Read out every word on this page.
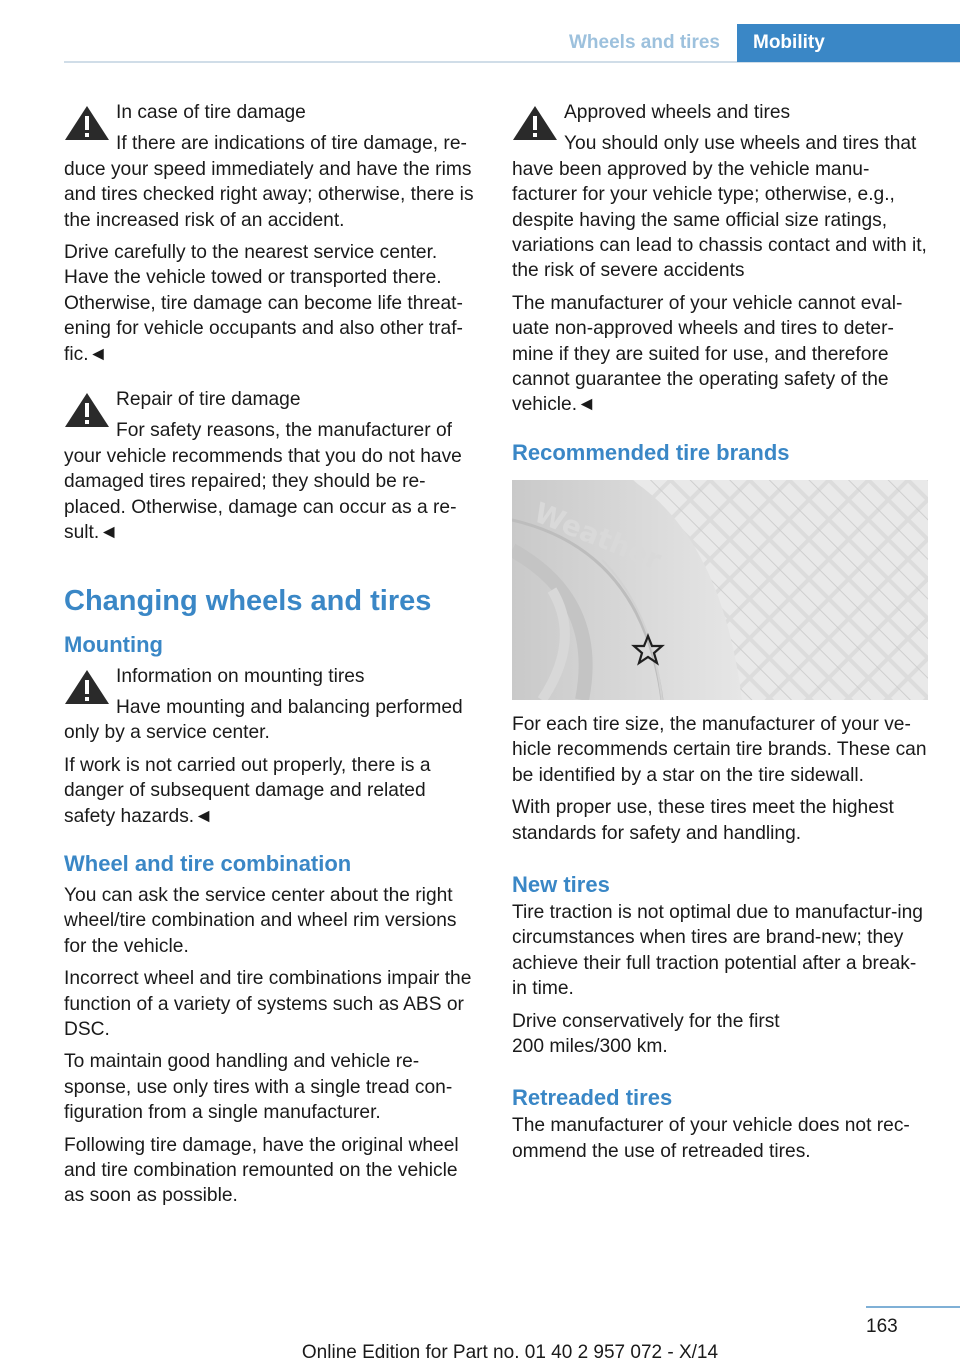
Wheels and tires	Mobility

In case of tire damage

If there are indications of tire damage, re-duce your speed immediately and have the rims and tires checked right away; otherwise, there is the increased risk of an accident.

Drive carefully to the nearest service center. Have the vehicle towed or transported there. Otherwise, tire damage can become life threat-ening for vehicle occupants and also other traf-fic.◄

Repair of tire damage

For safety reasons, the manufacturer of your vehicle recommends that you do not have damaged tires repaired; they should be re-placed. Otherwise, damage can occur as a re-sult.◄

Changing wheels and tires
Mounting

Information on mounting tires

Have mounting and balancing performed only by a service center.

If work is not carried out properly, there is a danger of subsequent damage and related safety hazards.◄

Wheel and tire combination

You can ask the service center about the right wheel/tire combination and wheel rim versions for the vehicle.

Incorrect wheel and tire combinations impair the function of a variety of systems such as ABS or DSC.

To maintain good handling and vehicle re-sponse, use only tires with a single tread con-figuration from a single manufacturer.

Following tire damage, have the original wheel and tire combination remounted on the vehicle as soon as possible.

Approved wheels and tires

You should only use wheels and tires that have been approved by the vehicle manu-facturer for your vehicle type; otherwise, e.g., despite having the same official size ratings, variations can lead to chassis contact and with it, the risk of severe accidents

The manufacturer of your vehicle cannot eval-uate non-approved wheels and tires to deter-mine if they are suited for use, and therefore cannot guarantee the operating safety of the vehicle.◄

Recommended tire brands
Weather

For each tire size, the manufacturer of your ve-hicle recommends certain tire brands. These can be identified by a star on the tire sidewall.

With proper use, these tires meet the highest standards for safety and handling.

New tires

Tire traction is not optimal due to manufactur-ing circumstances when tires are brand-new; they achieve their full traction potential after a break-in time.

Drive conservatively for the first
200 miles/300 km.

Retreaded tires

The manufacturer of your vehicle does not rec-ommend the use of retreaded tires.

163
Online Edition for Part no. 01 40 2 957 072 - X/14
